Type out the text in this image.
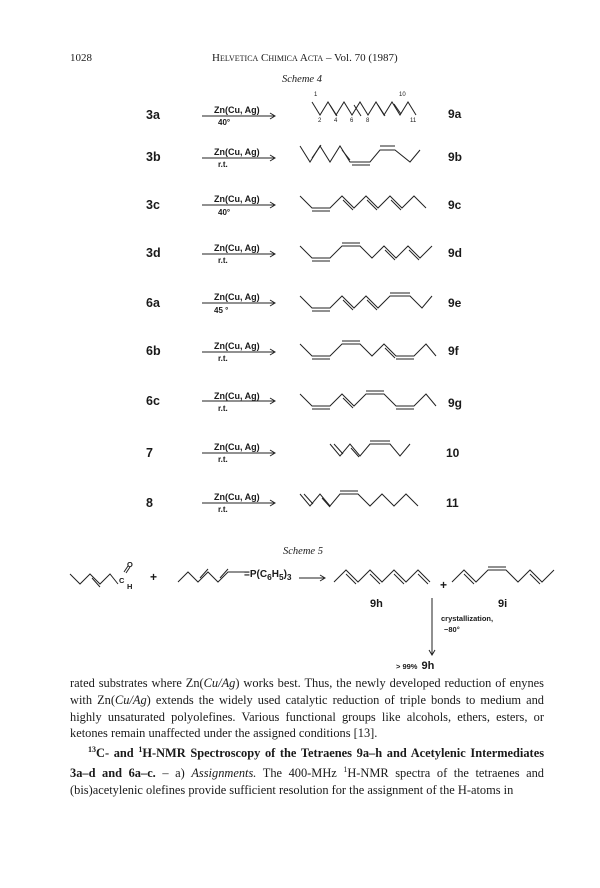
1028	Helvetica Chimica Acta – Vol. 70 (1987)
Scheme 4
3a	Zn(Cu, Ag)
40°
9a
3b	Zn(Cu, Ag)
r.t.
9b
3c	Zn(Cu, Ag)
40°
9c
3d	Zn(Cu, Ag)
r.t.
9d
6a	Zn(Cu, Ag)
45 °
9e
6b	Zn(Cu, Ag)
r.t.
9f
6c	Zn(Cu, Ag)
r.t.	9g
7	Zn(Cu, Ag)
r.t.	10
8	Zn(Cu, Ag)
r.t.	11
1	10
2 4 6 8	11
Scheme 5
O
C
H
+	$=P(C_6H_5)_3$
+
9h	9i
crystallization,
−80°
> 99% 9h

rated substrates where Zn(Cu/Ag) works best. Thus, the newly developed reduction of enynes with Zn(Cu/Ag) extends the widely used catalytic reduction of triple bonds to medium and highly unsaturated polyolefines. Various functional groups like alcohols, ethers, esters, or ketones remain unaffected under the assigned conditions [13].

$^{13}$C- and $^1$H-NMR Spectroscopy of the Tetraenes 9a–h and Acetylenic Intermediates 3a–d and 6a–c. – a) Assignments. The 400-MHz $^1$H-NMR spectra of the tetraenes and (bis)acetylenic olefines provide sufficient resolution for the assignment of the H-atoms in
